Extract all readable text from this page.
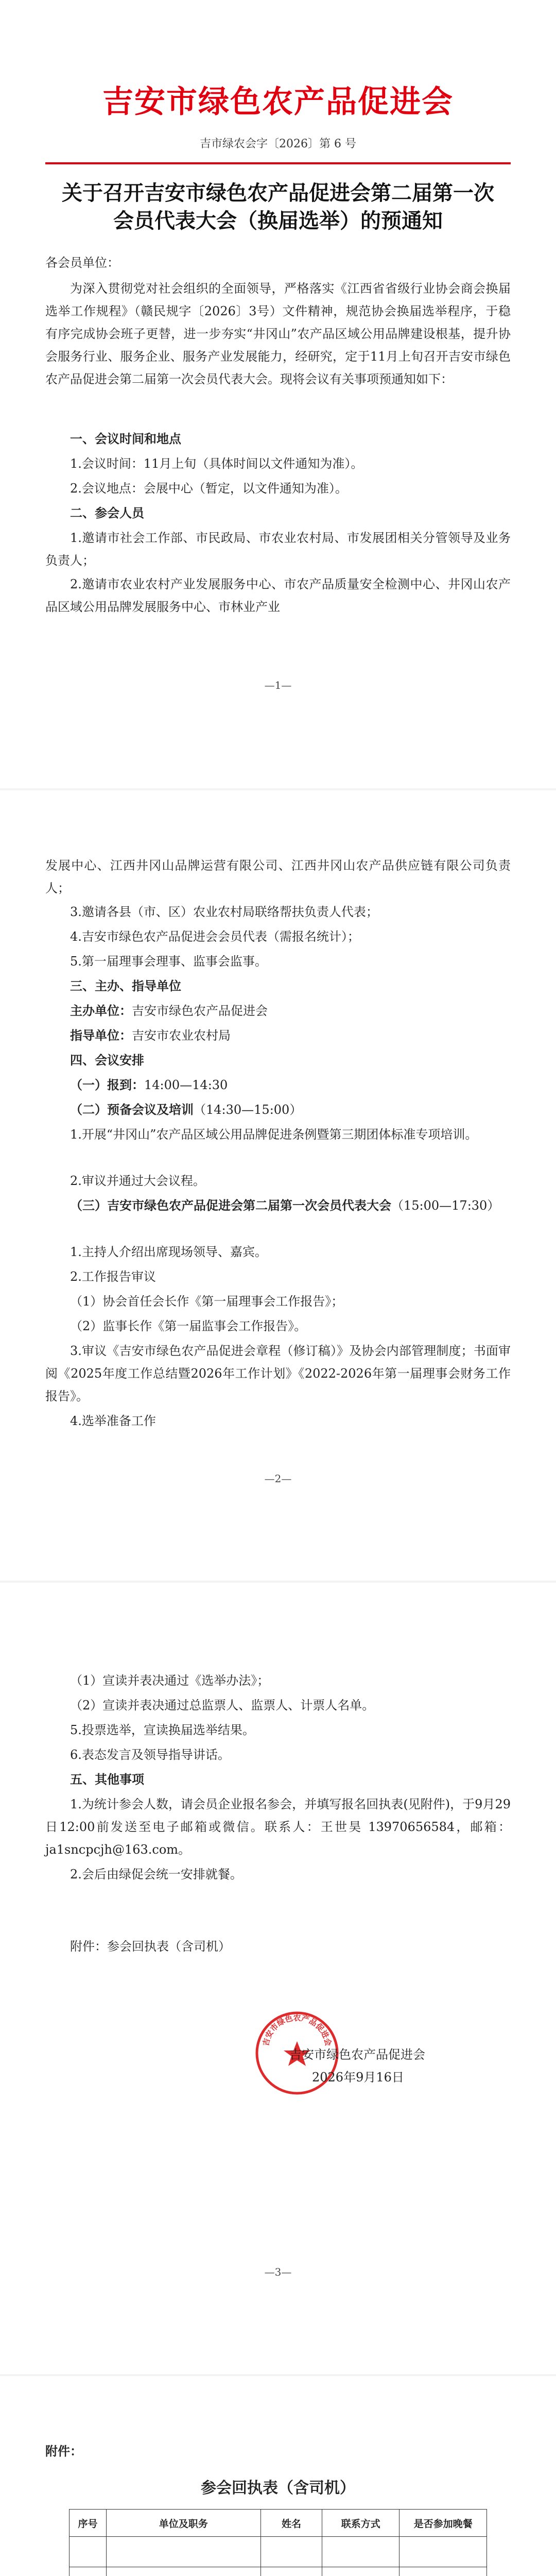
吉安市绿色农产品促进会
吉市绿农会字〔2026〕第 6 号
关于召开吉安市绿色农产品促进会第二届第一次会员代表大会（换届选举）的预通知
各会员单位：
为深入贯彻党对社会组织的全面领导，严格落实《江西省省级行业协会商会换届选举工作规程》（赣民规字〔2026〕3号）文件精神，规范协会换届选举程序，于稳有序完成协会班子更替，进一步夯实“井冈山”农产品区域公用品牌建设根基，提升协会服务行业、服务企业、服务产业发展能力，经研究，定于11月上旬召开吉安市绿色农产品促进会第二届第一次会员代表大会。现将会议有关事项预通知如下：
一、会议时间和地点
1.会议时间：11月上旬（具体时间以文件通知为准）。
2.会议地点：会展中心（暂定，以文件通知为准）。
二、参会人员
1.邀请市社会工作部、市民政局、市农业农村局、市发展团相关分管领导及业务负责人；
2.邀请市农业农村产业发展服务中心、市农产品质量安全检测中心、井冈山农产品区域公用品牌发展服务中心、市林业产业
—1—
发展中心、江西井冈山品牌运营有限公司、江西井冈山农产品供应链有限公司负责人；
3.邀请各县（市、区）农业农村局联络帮扶负责人代表；
4.吉安市绿色农产品促进会会员代表（需报名统计）；
5.第一届理事会理事、监事会监事。
三、主办、指导单位
主办单位：吉安市绿色农产品促进会
指导单位：吉安市农业农村局
四、会议安排
（一）报到：14:00—14:30
（二）预备会议及培训（14:30—15:00）
1.开展“井冈山”农产品区域公用品牌促进条例暨第三期团体标准专项培训。
2.审议并通过大会议程。
（三）吉安市绿色农产品促进会第二届第一次会员代表大会（15:00—17:30）
1.主持人介绍出席现场领导、嘉宾。
2.工作报告审议
（1）协会首任会长作《第一届理事会工作报告》；
（2）监事长作《第一届监事会工作报告》。
3.审议《吉安市绿色农产品促进会章程（修订稿）》及协会内部管理制度；书面审阅《2025年度工作总结暨2026年工作计划》《2022-2026年第一届理事会财务工作报告》。
4.选举准备工作
—2—
（1）宣读并表决通过《选举办法》；
（2）宣读并表决通过总监票人、监票人、计票人名单。
5.投票选举，宣读换届选举结果。
6.表态发言及领导指导讲话。
五、其他事项
1.为统计参会人数，请会员企业报名参会，并填写报名回执表(见附件)，于9月29日12:00前发送至电子邮箱或微信。联系人：王世昊 13970656584，邮箱：ja1sncpcjh@163.com。
2.会后由绿促会统一安排就餐。
附件：参会回执表（含司机）
吉安市绿色农产品促进会
吉安市绿色农产品促进会
2026年9月16日
—3—
附件：
参会回执表（含司机）
序号	单位及职务	姓名	联系方式	是否参加晚餐
